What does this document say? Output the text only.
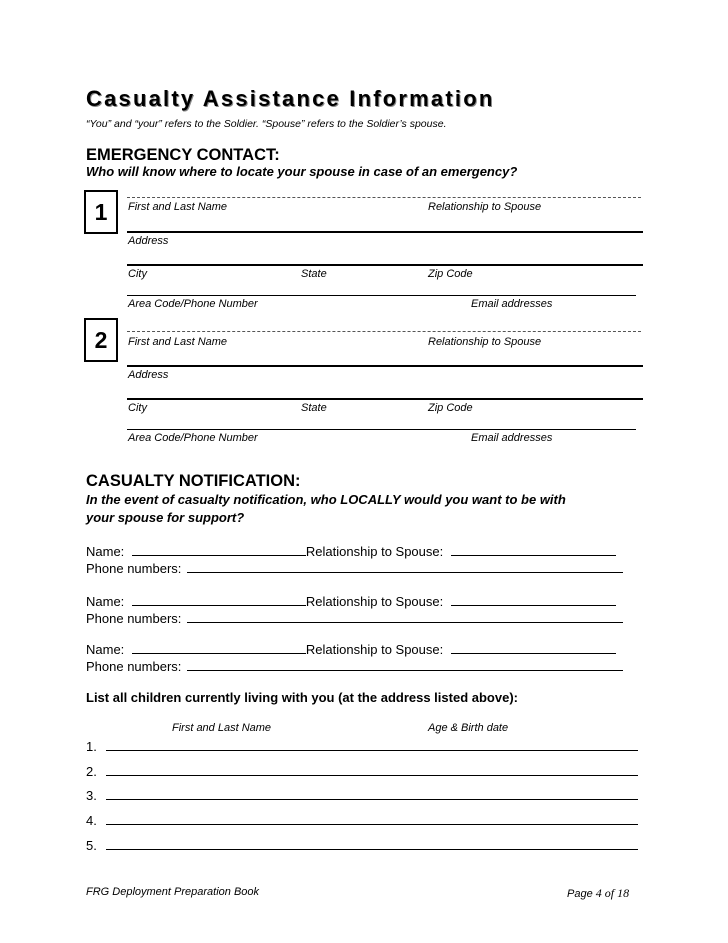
Casualty Assistance Information
“You” and “your” refers to the Soldier. “Spouse” refers to the Soldier’s spouse.
EMERGENCY CONTACT:
Who will know where to locate your spouse in case of an emergency?
1	First and Last Name	Relationship to Spouse
Address
City	State	Zip Code
Area Code/Phone Number	Email addresses
2	First and Last Name	Relationship to Spouse
Address
City	State	Zip Code
Area Code/Phone Number	Email addresses
CASUALTY NOTIFICATION:
In the event of casualty notification, who LOCALLY would you want to be with
your spouse for support?
Name:	Relationship to Spouse:
Phone numbers:
Name:	Relationship to Spouse:
Phone numbers:
Name:	Relationship to Spouse:
Phone numbers:
List all children currently living with you (at the address listed above):
First and Last Name	Age & Birth date
1.
2.
3.
4.
5.
FRG Deployment Preparation Book	Page 4 of 18
